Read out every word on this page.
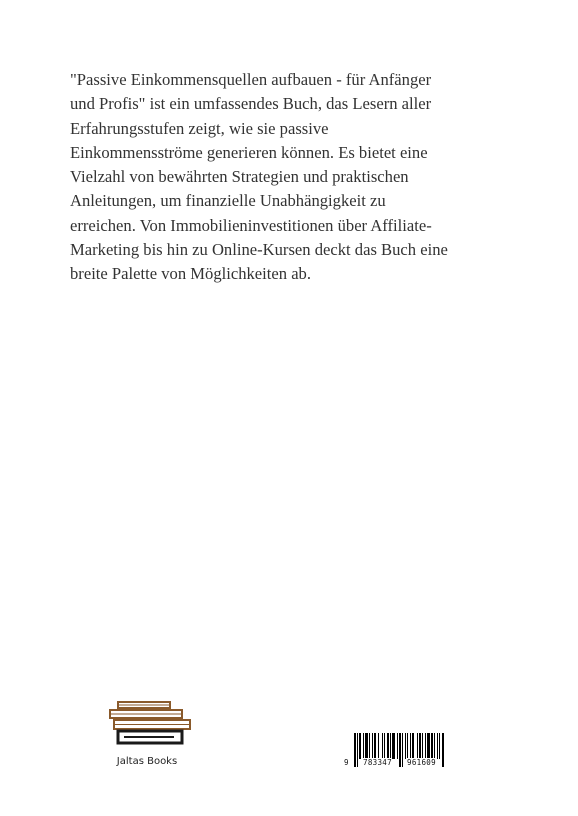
"Passive Einkommensquellen aufbauen - für Anfänger
und Profis" ist ein umfassendes Buch, das Lesern aller
Erfahrungsstufen zeigt, wie sie passive
Einkommensströme generieren können. Es bietet eine
Vielzahl von bewährten Strategien und praktischen
Anleitungen, um finanzielle Unabhängigkeit zu
erreichen. Von Immobilieninvestitionen über Affiliate-
Marketing bis hin zu Online-Kursen deckt das Buch eine
breite Palette von Möglichkeiten ab.

Jaltas Books	9 783347 961609
